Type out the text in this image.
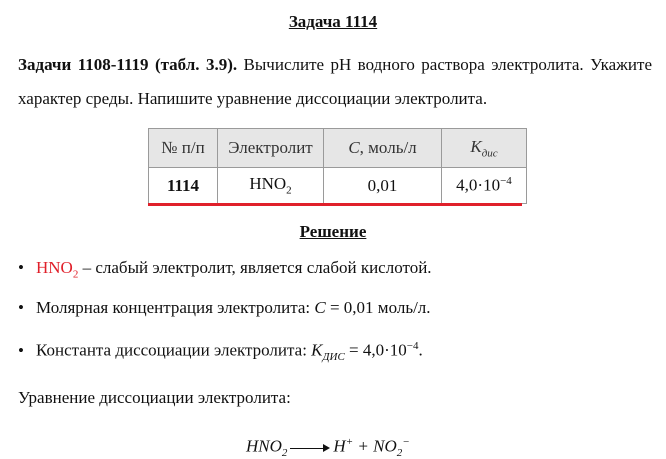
Задача 1114
Задачи 1108-1119 (табл. 3.9). Вычислите pH водного раствора электролита. Укажите характер среды. Напишите уравнение диссоциации электролита.
№ п/п	Электролит	C, моль/л	$K_{дис}$
1114	$HNO_2$	0,01	$4,0\cdot 10^{-4}$
Решение
• $HNO_2$ – слабый электролит, является слабой кислотой.
• Молярная концентрация электролита: C = 0,01 моль/л.
• Константа диссоциации электролита: $K_{ДИС} = 4,0\cdot 10^{-4}$.
Уравнение диссоциации электролита:
$HNO_2$	$H^+ + NO_2^-$
